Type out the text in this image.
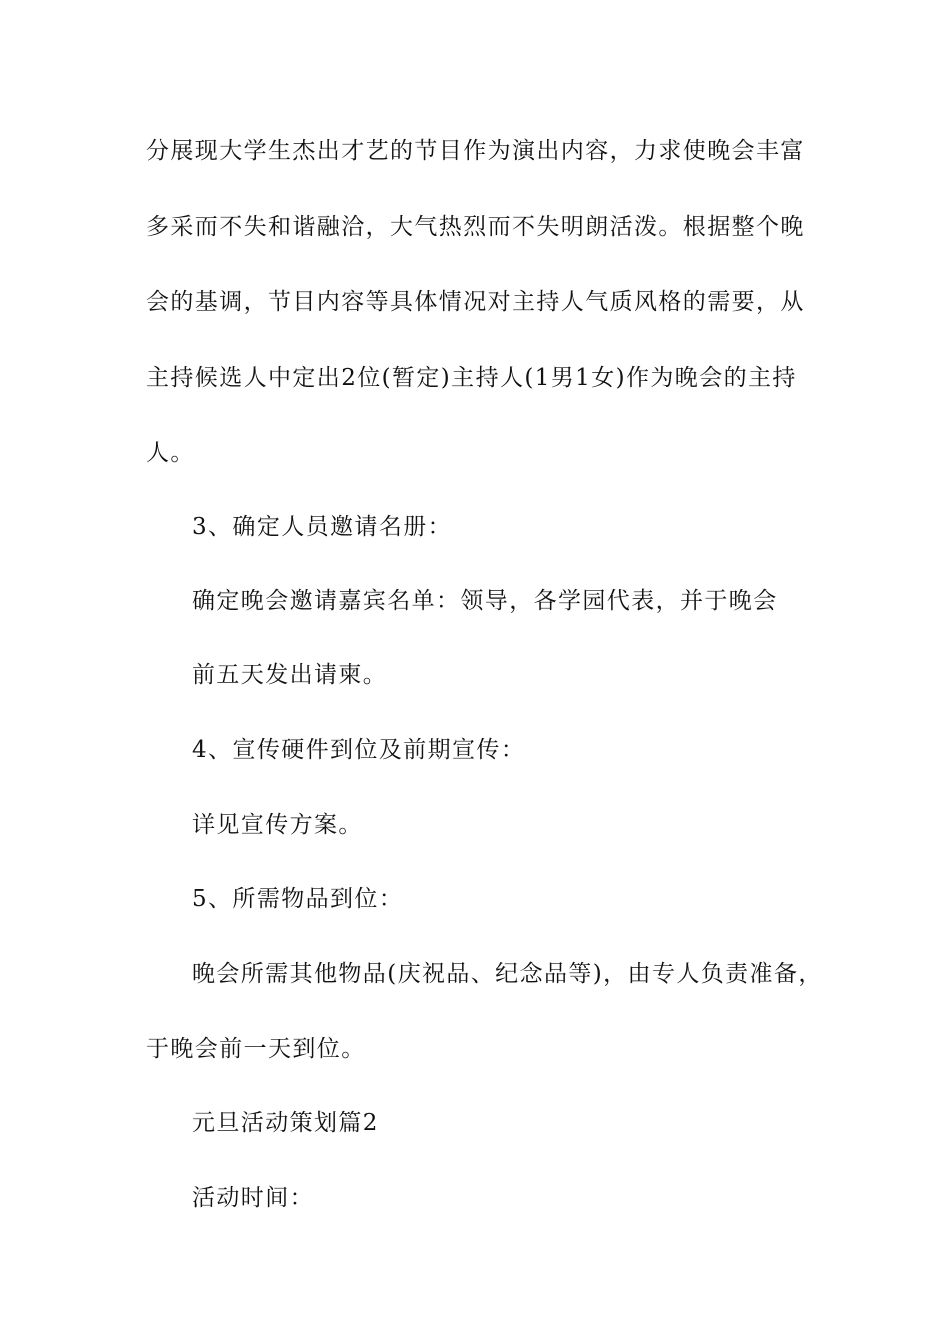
分展现大学生杰出才艺的节目作为演出内容，力求使晚会丰富

多采而不失和谐融洽，大气热烈而不失明朗活泼。根据整个晚

会的基调，节目内容等具体情况对主持人气质风格的需要，从

主持候选人中定出2位(暂定)主持人(1男1女)作为晚会的主持

人。

3、确定人员邀请名册：

确定晚会邀请嘉宾名单：领导，各学园代表，并于晚会

前五天发出请柬。

4、宣传硬件到位及前期宣传：

详见宣传方案。

5、所需物品到位：

晚会所需其他物品(庆祝品、纪念品等)，由专人负责准备，

于晚会前一天到位。

元旦活动策划篇2

活动时间：
